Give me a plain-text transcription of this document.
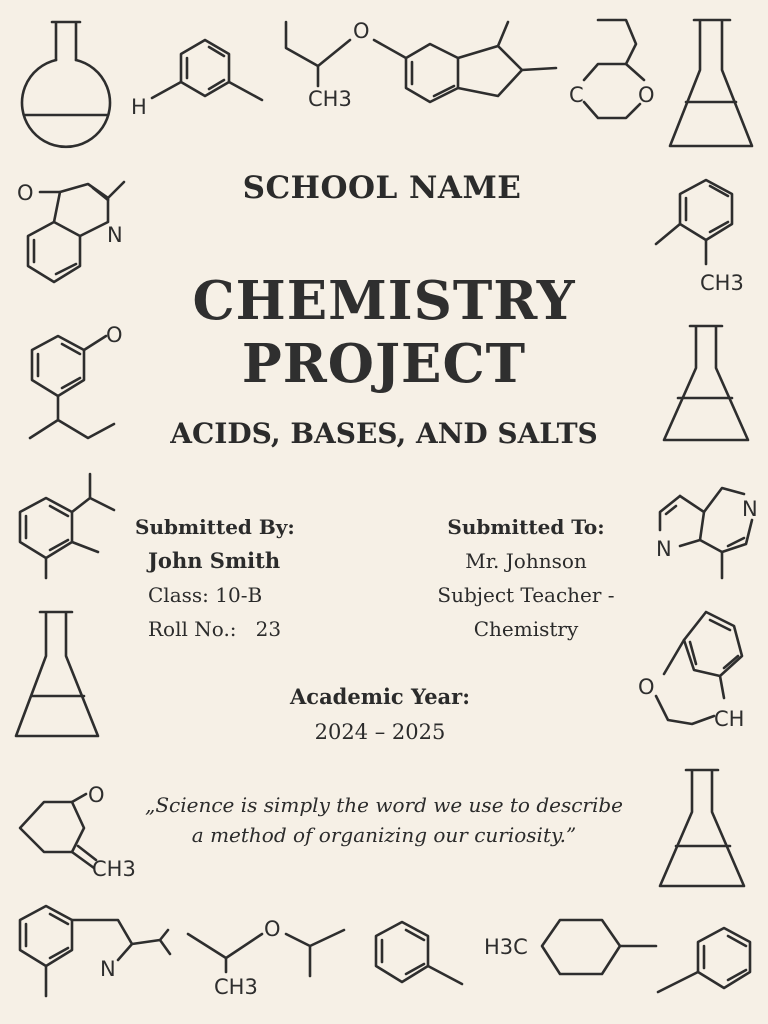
H	CH3
O
C	O
O
N
CH3
O
N
N
O
CH
O
CH3
N
O
CH3
H3C
SCHOOL NAME
CHEMISTRY
PROJECT
ACIDS, BASES, AND SALTS
Submitted By:
John Smith
Class: 10-B
Roll No.:   23
Submitted To:
Mr. Johnson
Subject Teacher -
Chemistry
Academic Year:
2024 – 2025
„Science is simply the word we use to describe
a method of organizing our curiosity.”
